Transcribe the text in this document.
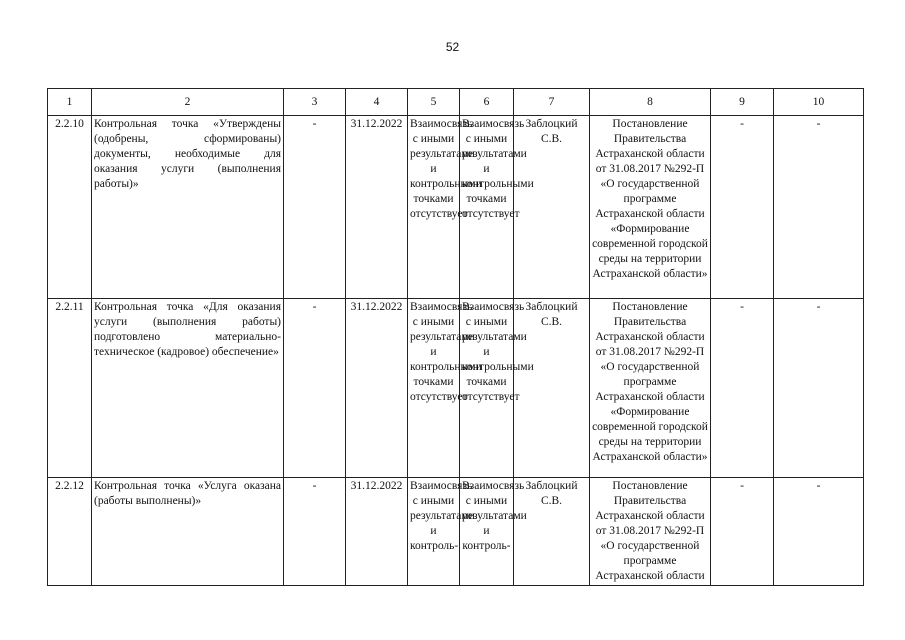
52
1	2	3	4	5	6	7	8	9	10
2.2.10	Контрольная точка «Утверждены (одобрены, сформированы) документы, необходимые для оказания услуги (выполнения работы)»	-	31.12.2022	Взаимосвязь с иными результатами и контрольными точками отсутствует	Взаимосвязь с иными результатами и контрольными точками отсутствует	Заблоцкий С.В.	Постановление Правительства Астраханской области от 31.08.2017 №292-П «О государственной программе Астраханской области «Формирование современной городской среды на территории Астраханской области»	-	-
2.2.11	Контрольная точка «Для оказания услуги (выполнения работы) подготовлено материально-техническое (кадровое) обеспечение»	-	31.12.2022	Взаимосвязь с иными результатами и контрольными точками отсутствует	Взаимосвязь с иными результатами и контрольными точками отсутствует	Заблоцкий С.В.	Постановление Правительства Астраханской области от 31.08.2017 №292-П «О государственной программе Астраханской области «Формирование современной городской среды на территории Астраханской области»	-	-
2.2.12	Контрольная точка «Услуга оказана (работы выполнены)»	-	31.12.2022	Взаимосвязь с иными результатами и контроль-	Взаимосвязь с иными результатами и контроль-	Заблоцкий С.В.	Постановление Правительства Астраханской области от 31.08.2017 №292-П «О государственной программе Астраханской области	-	-
